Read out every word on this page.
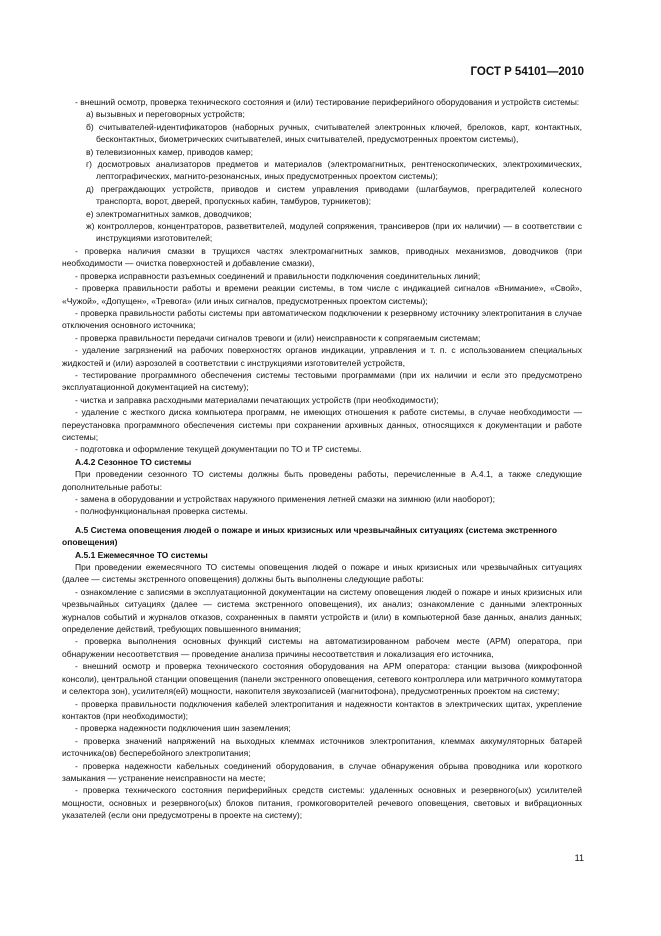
ГОСТ Р 54101—2010

- внешний осмотр, проверка технического состояния и (или) тестирование периферийного оборудования и устройств системы:

а) вызывных и переговорных устройств;

б) считывателей-идентификаторов (наборных ручных, считывателей электронных ключей, брелоков, карт, контактных, бесконтактных, биометрических считывателей, иных считывателей, предусмотренных проектом системы),

в) телевизионных камер, приводов камер;

г) досмотровых анализаторов предметов и материалов (электромагнитных, рентгеноскопических, электрохимических, лептографических, магнито-резонансных, иных предусмотренных проектом системы);

д) преграждающих устройств, приводов и систем управления приводами (шлагбаумов, преградителей колесного транспорта, ворот, дверей, пропускных кабин, тамбуров, турникетов);

е) электромагнитных замков, доводчиков;

ж) контроллеров, концентраторов, разветвителей, модулей сопряжения, трансиверов (при их наличии) — в соответствии с инструкциями изготовителей;

- проверка наличия смазки в трущихся частях электромагнитных замков, приводных механизмов, доводчиков (при необходимости — очистка поверхностей и добавление смазки),

- проверка исправности разъемных соединений и правильности подключения соединительных линий;

- проверка правильности работы и времени реакции системы, в том числе с индикацией сигналов «Внимание», «Свой», «Чужой», «Допущен», «Тревога» (или иных сигналов, предусмотренных проектом системы);

- проверка правильности работы системы при автоматическом подключении к резервному источнику электропитания в случае отключения основного источника;

- проверка правильности передачи сигналов тревоги и (или) неисправности к сопрягаемым системам;

- удаление загрязнений на рабочих поверхностях органов индикации, управления и т. п. с использованием специальных жидкостей и (или) аэрозолей в соответствии с инструкциями изготовителей устройств,

- тестирование программного обеспечения системы тестовыми программами (при их наличии и если это предусмотрено эксплуатационной документацией на систему);

- чистка и заправка расходными материалами печатающих устройств (при необходимости);

- удаление с жесткого диска компьютера программ, не имеющих отношения к работе системы, в случае необходимости — переустановка программного обеспечения системы при сохранении архивных данных, относящихся к документации и работе системы;

- подготовка и оформление текущей документации по ТО и ТР системы.

А.4.2 Сезонное ТО системы

При проведении сезонного ТО системы должны быть проведены работы, перечисленные в А.4.1, а также следующие дополнительные работы:

- замена в оборудовании и устройствах наружного применения летней смазки на зимнюю (или наоборот);

- полнофункциональная проверка системы.

А.5 Система оповещения людей о пожаре и иных кризисных или чрезвычайных ситуациях (система экстренного оповещения)

А.5.1 Ежемесячное ТО системы

При проведении ежемесячного ТО системы оповещения людей о пожаре и иных кризисных или чрезвычайных ситуациях (далее — системы экстренного оповещения) должны быть выполнены следующие работы:

- ознакомление с записями в эксплуатационной документации на систему оповещения людей о пожаре и иных кризисных или чрезвычайных ситуациях (далее — система экстренного оповещения), их анализ; ознакомление с данными электронных журналов событий и журналов отказов, сохраненных в памяти устройств и (или) в компьютерной базе данных, анализ данных; определение действий, требующих повышенного внимания;

- проверка выполнения основных функций системы на автоматизированном рабочем месте (АРМ) оператора, при обнаружении несоответствия — проведение анализа причины несоответствия и локализация его источника,

- внешний осмотр и проверка технического состояния оборудования на АРМ оператора: станции вызова (микрофонной консоли), центральной станции оповещения (панели экстренного оповещения, сетевого контроллера или матричного коммутатора и селектора зон), усилителя(ей) мощности, накопителя звукозаписей (магнитофона), предусмотренных проектом на систему;

- проверка правильности подключения кабелей электропитания и надежности контактов в электрических щитах, укрепление контактов (при необходимости);

- проверка надежности подключения шин заземления;

- проверка значений напряжений на выходных клеммах источников электропитания, клеммах аккумуляторных батарей источника(ов) бесперебойного электропитания;

- проверка надежности кабельных соединений оборудования, в случае обнаружения обрыва проводника или короткого замыкания — устранение неисправности на месте;

- проверка технического состояния периферийных средств системы: удаленных основных и резервного(ых) усилителей мощности, основных и резервного(ых) блоков питания, громкоговорителей речевого оповещения, световых и вибрационных указателей (если они предусмотрены в проекте на систему);

11
